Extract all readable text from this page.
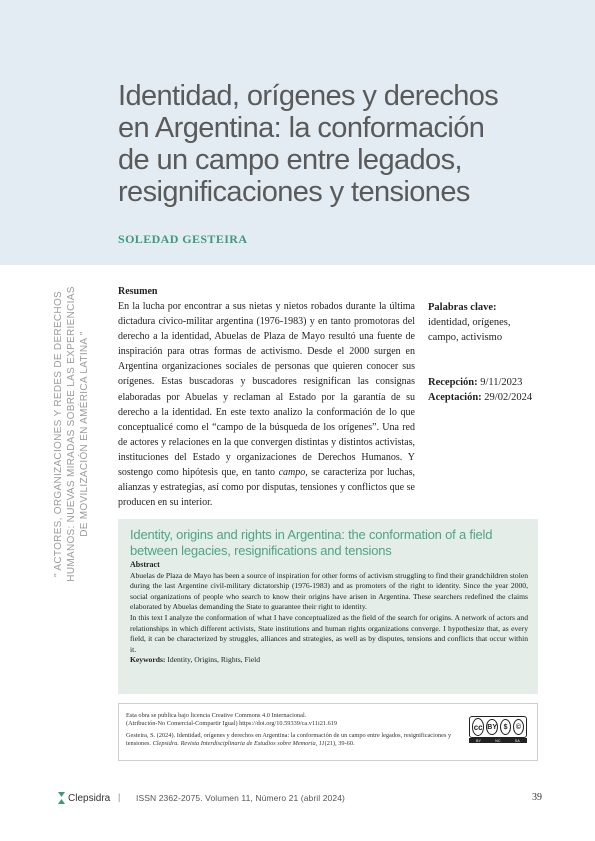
Identidad, orígenes y derechos
en Argentina: la conformación
de un campo entre legados,
resignificaciones y tensiones
SOLEDAD GESTEIRA
" ACTORES, ORGANIZACIONES Y REDES DE DERECHOS HUMANOS: NUEVAS MIRADAS SOBRE LAS EXPERIENCIAS DE MOVILIZACIÓN EN AMÉRICA LATINA "
Resumen

En la lucha por encontrar a sus nietas y nietos robados durante la última dictadura cívico-militar argentina (1976-1983) y en tanto promotoras del derecho a la identidad, Abuelas de Plaza de Mayo resultó una fuente de inspiración para otras formas de activismo. Desde el 2000 surgen en Argentina organizaciones sociales de personas que quieren conocer sus orígenes. Estas buscadoras y buscadores resignifican las consignas elaboradas por Abuelas y reclaman al Estado por la garantía de su derecho a la identidad. En este texto analizo la conformación de lo que conceptualicé como el “campo de la búsqueda de los orígenes”. Una red de actores y relaciones en la que convergen distintas y distintos activistas, instituciones del Estado y organizaciones de Derechos Humanos. Y sostengo como hipótesis que, en tanto campo, se caracteriza por luchas, alianzas y estrategias, así como por disputas, tensiones y conflictos que se producen en su interior.

Palabras clave:
identidad, orígenes,
campo, activismo
Recepción: 9/11/2023
Aceptación: 29/02/2024
Identity, origins and rights in Argentina: the conformation of a field
between legacies, resignifications and tensions
Abstract

Abuelas de Plaza de Mayo has been a source of inspiration for other forms of activism struggling to find their grandchildren stolen during the last Argentine civil-military dictatorship (1976-1983) and as promoters of the right to identity. Since the year 2000, social organizations of people who search to know their origins have arisen in Argentina. These searchers redefined the claims elaborated by Abuelas demanding the State to guarantee their right to identity.

In this text I analyze the conformation of what I have conceptualized as the field of the search for origins. A network of actors and relationships in which different activists, State institutions and human rights organizations converge. I hypothesize that, as every field, it can be characterized by struggles, alliances and strategies, as well as by disputes, tensions and conflicts that occur within it.

Keywords: Identity, Origins, Rights, Field

Esta obra se publica bajo licencia Creative Commons 4.0 Internacional.

(Atribución-No Comercial-Compartir Igual) https://doi.org/10.59339/ca.v11i21.619

Gesteira, S. (2024). Identidad, orígenes y derechos en Argentina: la conformación de un campo entre legados, resignificaciones y tensiones. Clepsidra. Revista Interdisciplinaria de Estudios sobre Memoria, 11(21), 39-60.

cc BY $	©
BY	NC	SA
Clepsidra | ISSN 2362-2075. Volumen 11, Número 21 (abril 2024)	39
